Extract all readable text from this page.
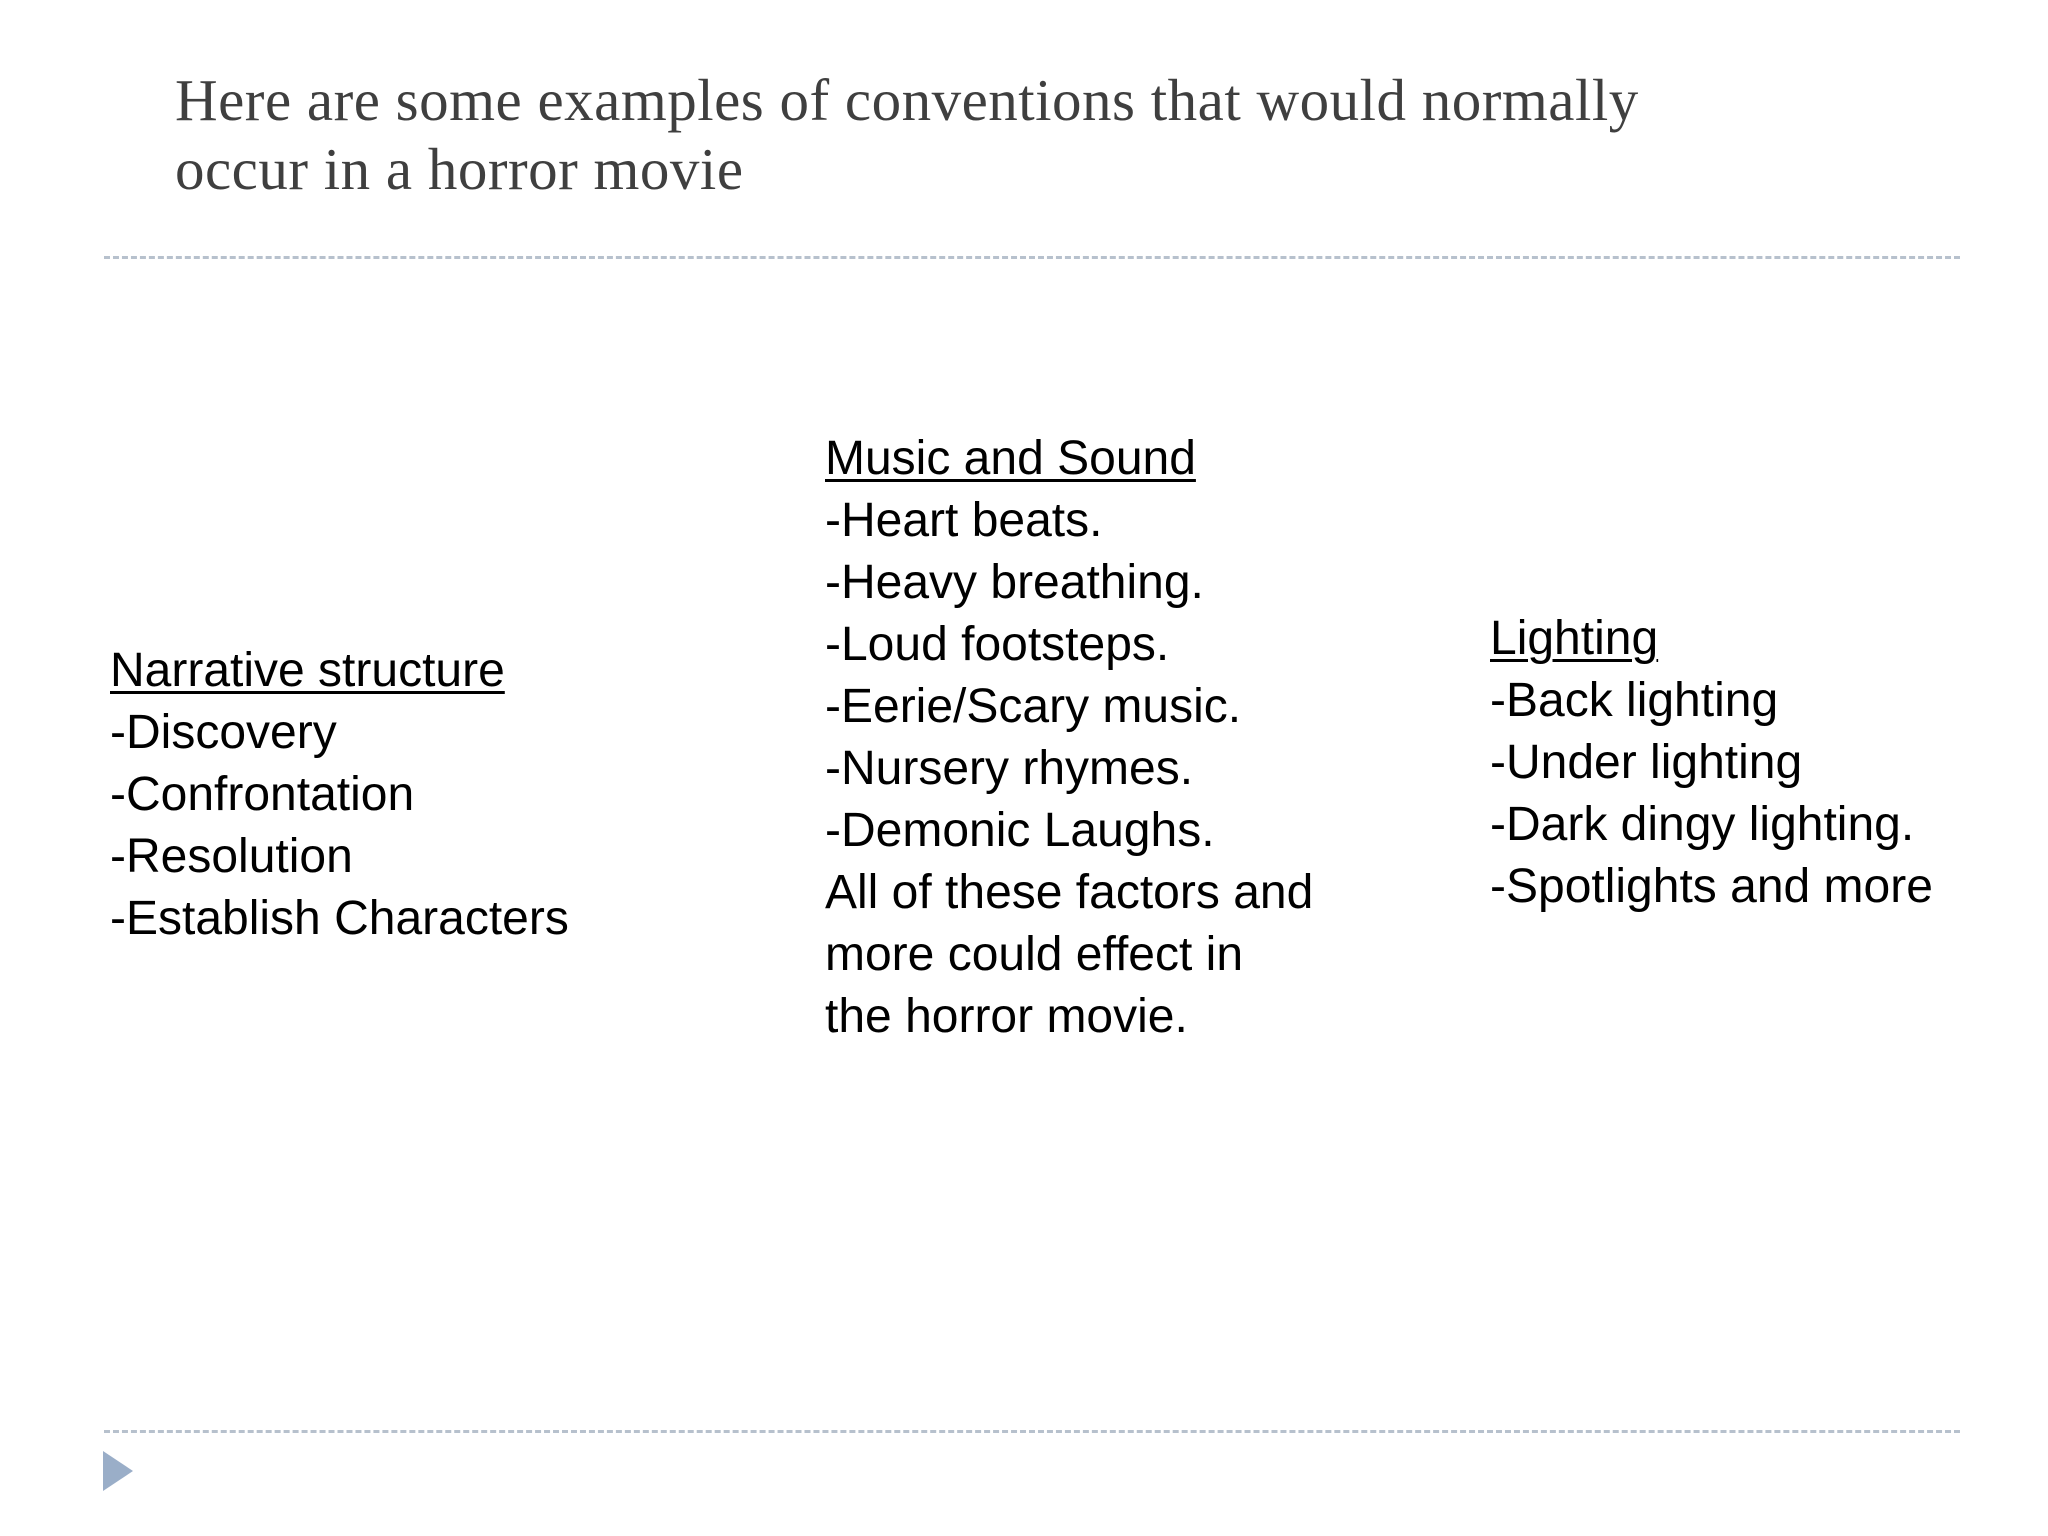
Here are some examples of conventions that would normally
occur in a horror movie
Narrative structure
-Discovery
-Confrontation
-Resolution
-Establish Characters
Music and Sound
-Heart beats.
-Heavy breathing.
-Loud footsteps.
-Eerie/Scary music.
-Nursery rhymes.
-Demonic Laughs.
All of these factors and
more could effect in
the horror movie.
Lighting
-Back lighting
-Under lighting
-Dark dingy lighting.
-Spotlights and more
